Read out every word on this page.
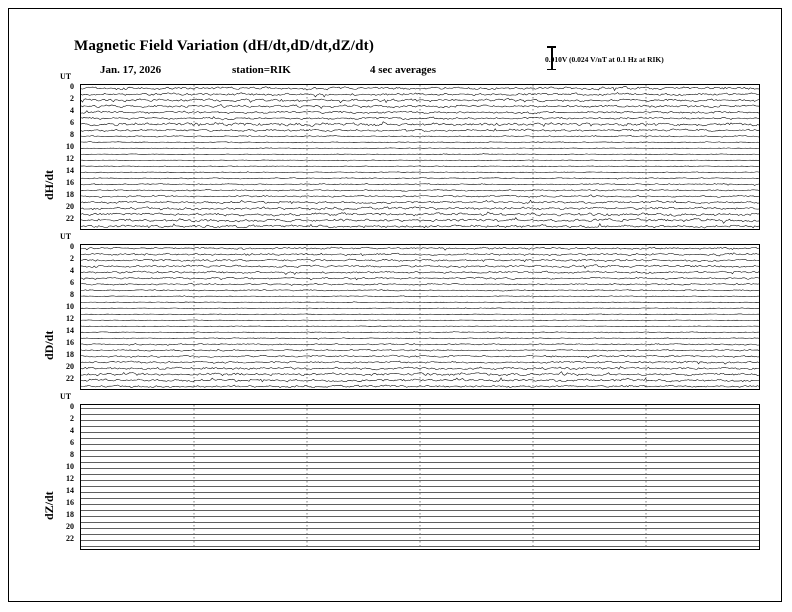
Magnetic Field Variation (dH/dt,dD/dt,dZ/dt)
Jan. 17, 2026	station=RIK	4 sec averages
0.010V (0.024 V/nT at 0.1 Hz at RIK)
UT
dH/dt
UT
dD/dt
UT
dZ/dt
0
2
4
6
8
10
12
14
16
18
20
22
0
2
4
6
8
10
12
14
16
18
20
22
0
2
4
6
8
10
12
14
16
18
20
22
